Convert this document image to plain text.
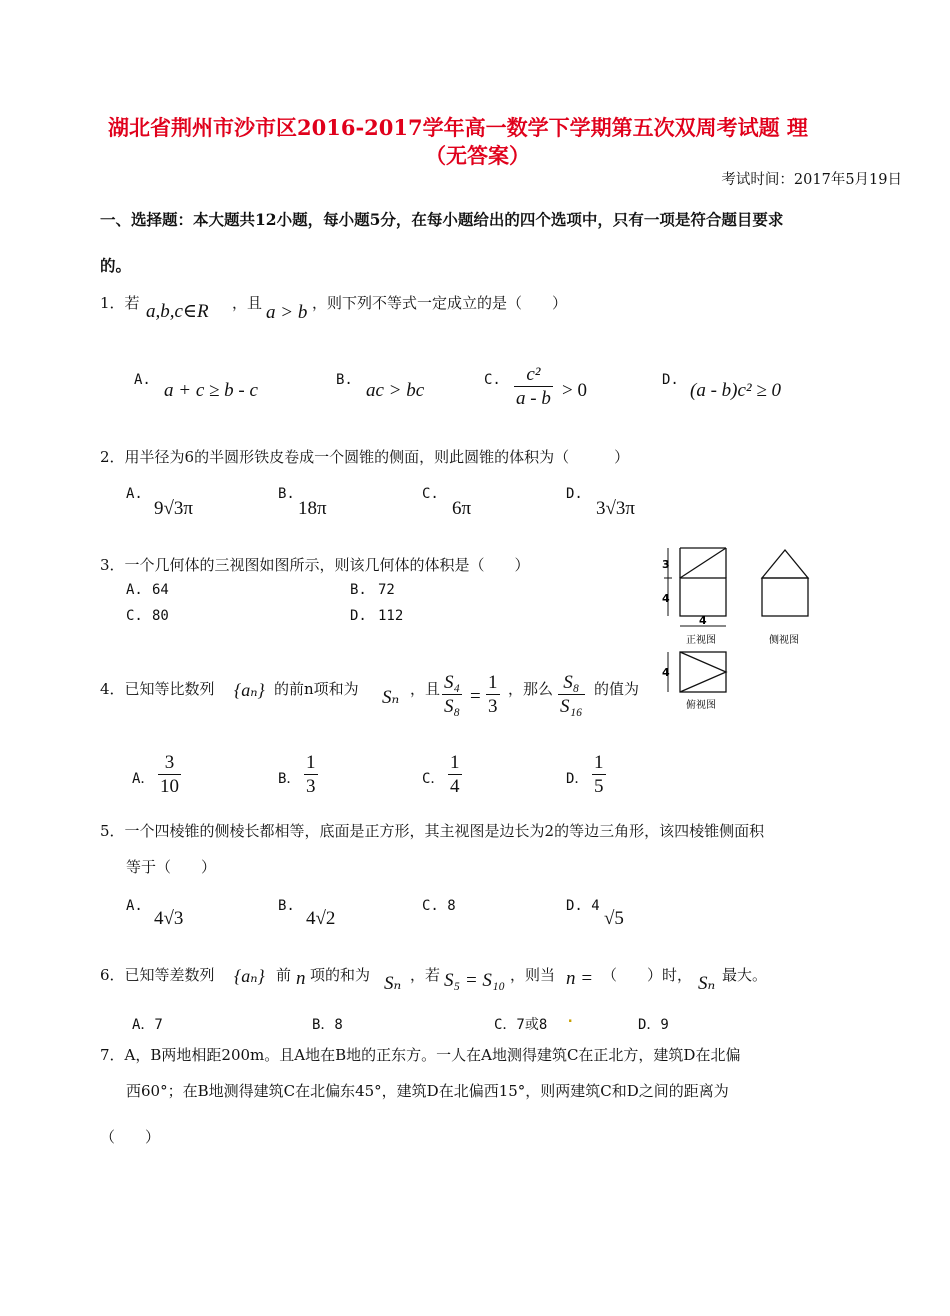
湖北省荆州市沙市区2016-2017学年高一数学下学期第五次双周考试题 理
（无答案）
考试时间：2017年5月19日
一、选择题：本大题共12小题，每小题5分，在每小题给出的四个选项中，只有一项是符合题目要求
的。
1．若 a,b,c∈R ，且 a > b ，则下列不等式一定成立的是（　　）
A. a + c ≥ b - c	B. ac > bc	C. $\frac{\text{c²}}{a - b} > 0$	D. (a - b)c² ≥ 0
2．用半径为6的半圆形铁皮卷成一个圆锥的侧面，则此圆锥的体积为（　　　）
A.
9√3π
B.
18π
C.
6π
D.
3√3π
3．一个几何体的三视图如图所示，则该几何体的体积是（　　）
A. 64	B. 72
C. 80	D. 112
3
4
4
正视图	侧视图
4
俯视图
4．已知等比数列 {aₙ} 的前n项和为 Sₙ ，且 $\frac{\text{S₄}}{\text{S₈}} = \frac{1}{3}$ ，那么 $\frac{\text{S₈}}{\text{S₁₆}}$ 的值为
A． $\frac{3}{10}$	B． $\frac{1}{3}$	C． $\frac{1}{4}$	D． $\frac{1}{5}$
5．一个四棱锥的侧棱长都相等，底面是正方形，其主视图是边长为2的等边三角形，该四棱锥侧面积
等于（　　）
A.
4√3
B.
4√2
C. 8	D. 4
√5
6．已知等差数列 {aₙ} 前 n 项的和为 Sₙ ，若 S₅ = S₁₀ ，则当 n = （　　）时， Sₙ 最大。
A．7	B．8	C．7或8 .	D．9
7．A，B两地相距200m。且A地在B地的正东方。一人在A地测得建筑C在正北方，建筑D在北偏
西60°；在B地测得建筑C在北偏东45°，建筑D在北偏西15°，则两建筑C和D之间的距离为
（　　）
